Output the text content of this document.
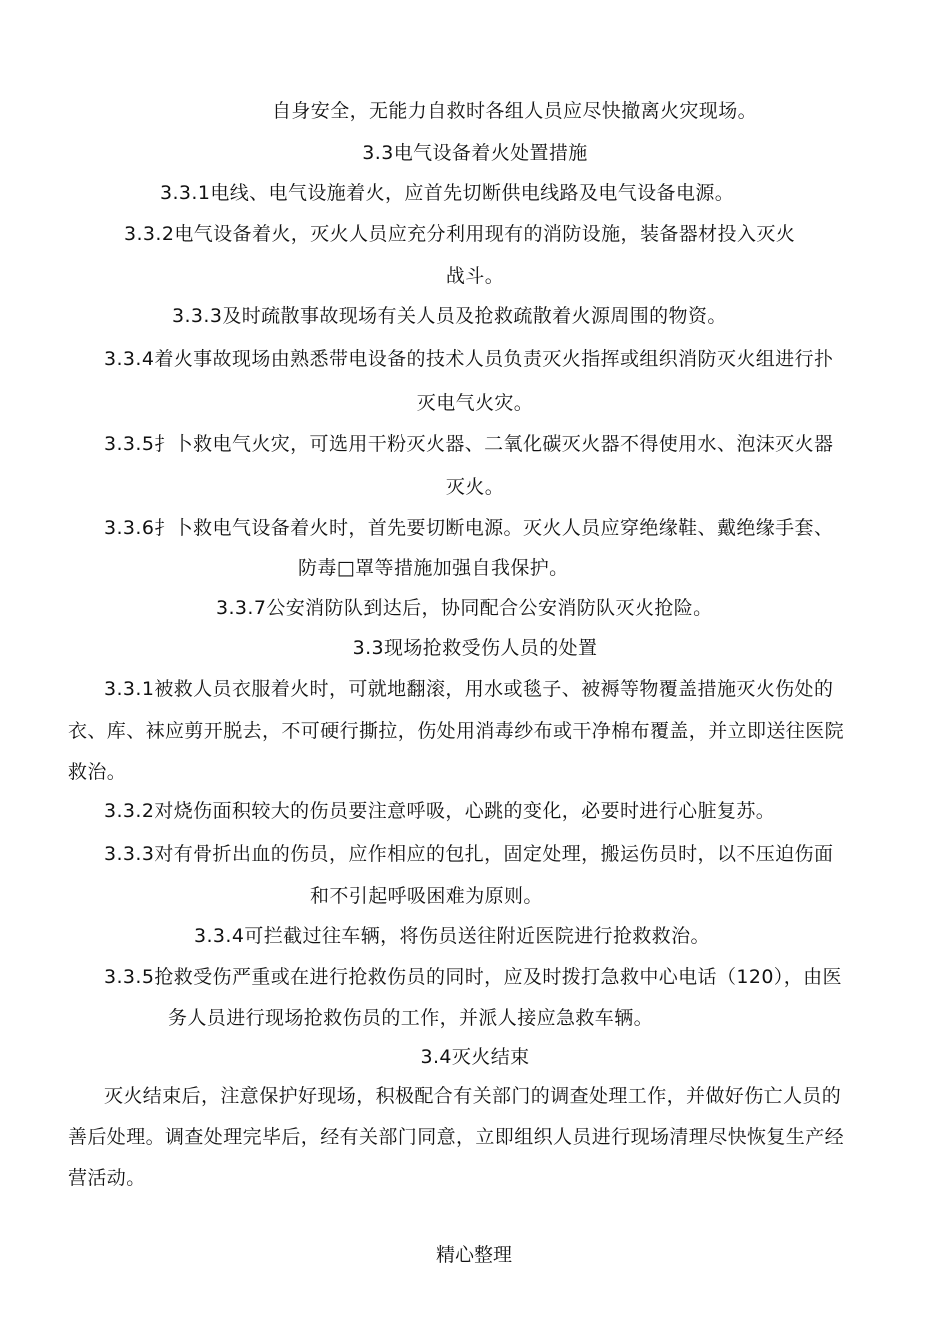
自身安全，无能力自救时各组人员应尽快撤离火灾现场。
3.3电气设备着火处置措施
3.3.1电线、电气设施着火，应首先切断供电线路及电气设备电源。
3.3.2电气设备着火，灭火人员应充分利用现有的消防设施，装备器材投入灭火
战斗。
3.3.3及时疏散事故现场有关人员及抢救疏散着火源周围的物资。
3.3.4着火事故现场由熟悉带电设备的技术人员负责灭火指挥或组织消防灭火组进行扑
灭电气火灾。
3.3.5扌卜救电气火灾，可选用干粉灭火器、二氧化碳灭火器不得使用水、泡沫灭火器
灭火。
3.3.6扌卜救电气设备着火时，首先要切断电源。灭火人员应穿绝缘鞋、戴绝缘手套、
防毒□罩等措施加强自我保护。
3.3.7公安消防队到达后，协同配合公安消防队灭火抢险。
3.3现场抢救受伤人员的处置
3.3.1被救人员衣服着火时，可就地翻滚，用水或毯子、被褥等物覆盖措施灭火伤处的
衣、库、袜应剪开脱去，不可硬行撕拉，伤处用消毒纱布或干净棉布覆盖，并立即送往医院
救治。
3.3.2对烧伤面积较大的伤员要注意呼吸，心跳的变化，必要时进行心脏复苏。
3.3.3对有骨折出血的伤员，应作相应的包扎，固定处理，搬运伤员时，以不压迫伤面
和不引起呼吸困难为原则。
3.3.4可拦截过往车辆，将伤员送往附近医院进行抢救救治。
3.3.5抢救受伤严重或在进行抢救伤员的同时，应及时拨打急救中心电话（120），由医
务人员进行现场抢救伤员的工作，并派人接应急救车辆。
3.4灭火结束
灭火结束后，注意保护好现场，积极配合有关部门的调查处理工作，并做好伤亡人员的
善后处理。调查处理完毕后，经有关部门同意，立即组织人员进行现场清理尽快恢复生产经
营活动。
精心整理
